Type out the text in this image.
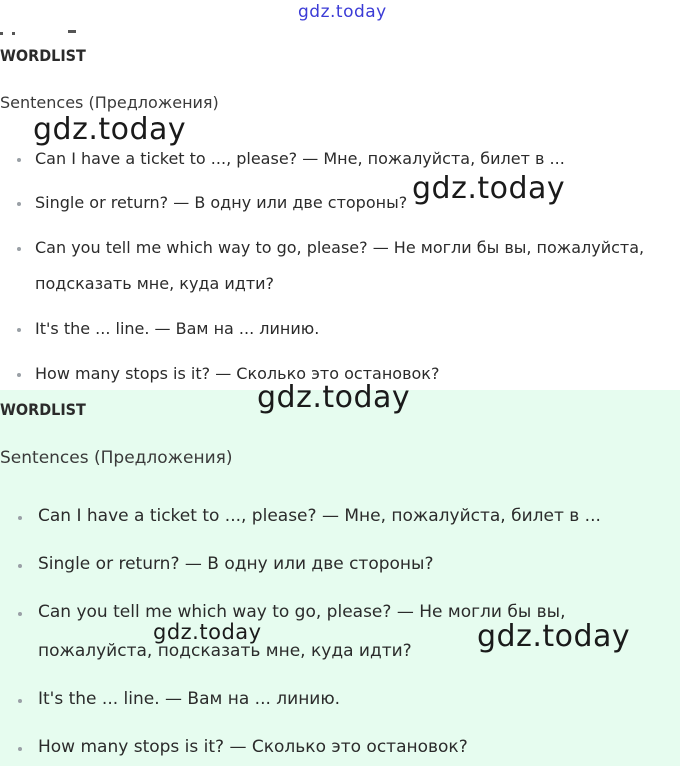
WORDLIST

Sentences (Предложения)

Can I have a ticket to ..., please? — Мне, пожалуйста, билет в ...
Single or return? — В одну или две стороны?
Can you tell me which way to go, please? — Не могли бы вы, пожалуйста,
подсказать мне, куда идти?
It's the ... line. — Вам на ... линию.
How many stops is it? — Сколько это остановок?
WORDLIST

Sentences (Предложения)

Can I have a ticket to ..., please? — Мне, пожалуйста, билет в ...
Single or return? — В одну или две стороны?
Can you tell me which way to go, please? — Не могли бы вы,
пожалуйста, подсказать мне, куда идти?
It's the ... line. — Вам на ... линию.
How many stops is it? — Сколько это остановок?
gdz.today
gdz.today
gdz.today
gdz.today
gdz.today	gdz.today
